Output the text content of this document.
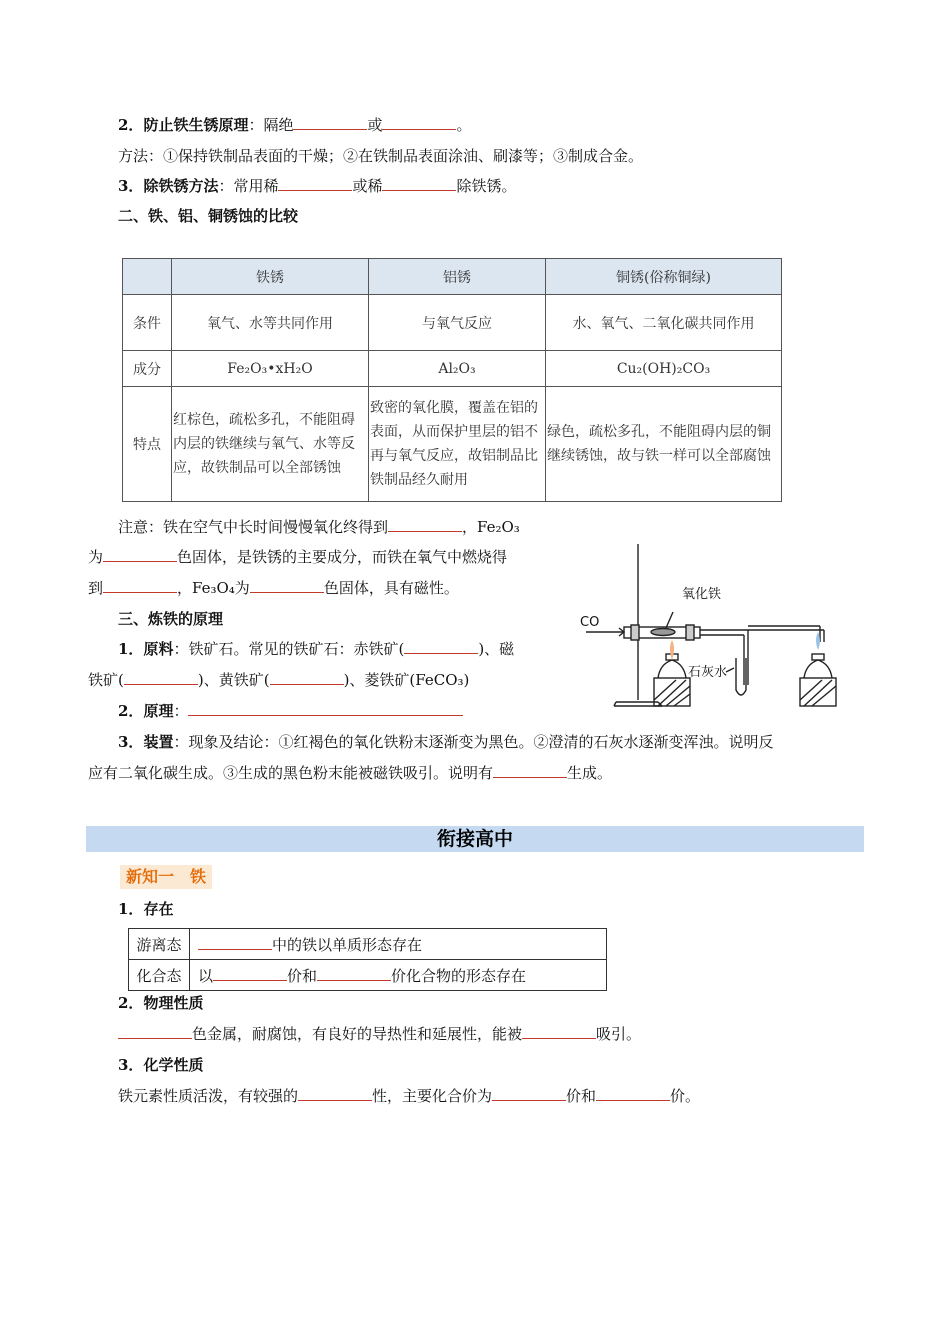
2．防止铁生锈原理：隔绝	或	。
方法：①保持铁制品表面的干燥；②在铁制品表面涂油、刷漆等；③制成合金。
3．除铁锈方法：常用稀	或稀	除铁锈。
二、铁、铝、铜锈蚀的比较
	铁锈	铝锈	铜锈(俗称铜绿)
条件	氧气、水等共同作用	与氧气反应	水、氧气、二氧化碳共同作用
成分	Fe₂O₃•xH₂O	Al₂O₃	Cu₂(OH)₂CO₃
特点	红棕色，疏松多孔，不能阻碍内层的铁继续与氧气、水等反应，故铁制品可以全部锈蚀	致密的氧化膜，覆盖在铝的表面，从而保护里层的铝不再与氧气反应，故铝制品比铁制品经久耐用	绿色，疏松多孔，不能阻碍内层的铜继续锈蚀，故与铁一样可以全部腐蚀
注意：铁在空气中长时间慢慢氧化终得到	，Fe₂O₃
为	色固体，是铁锈的主要成分，而铁在氧气中燃烧得
到	，Fe₃O₄为	色固体，具有磁性。
三、炼铁的原理
1．原料：铁矿石。常见的铁矿石：赤铁矿(	)、磁
铁矿(	)、黄铁矿(	)、菱铁矿(FeCO₃)
2．原理：
3．装置：现象及结论：①红褐色的氧化铁粉末逐渐变为黑色。②澄清的石灰水逐渐变浑浊。说明反
应有二氧化碳生成。③生成的黑色粉末能被磁铁吸引。说明有	生成。
CO
氧化铁
石灰水
衔接高中
新知一　铁
1．存在
游离态	中的铁以单质形态存在
化合态	以 价和 价化合物的形态存在
2．物理性质
色金属，耐腐蚀，有良好的导热性和延展性，能被	吸引。
3．化学性质
铁元素性质活泼，有较强的	性，主要化合价为	价和	价。
